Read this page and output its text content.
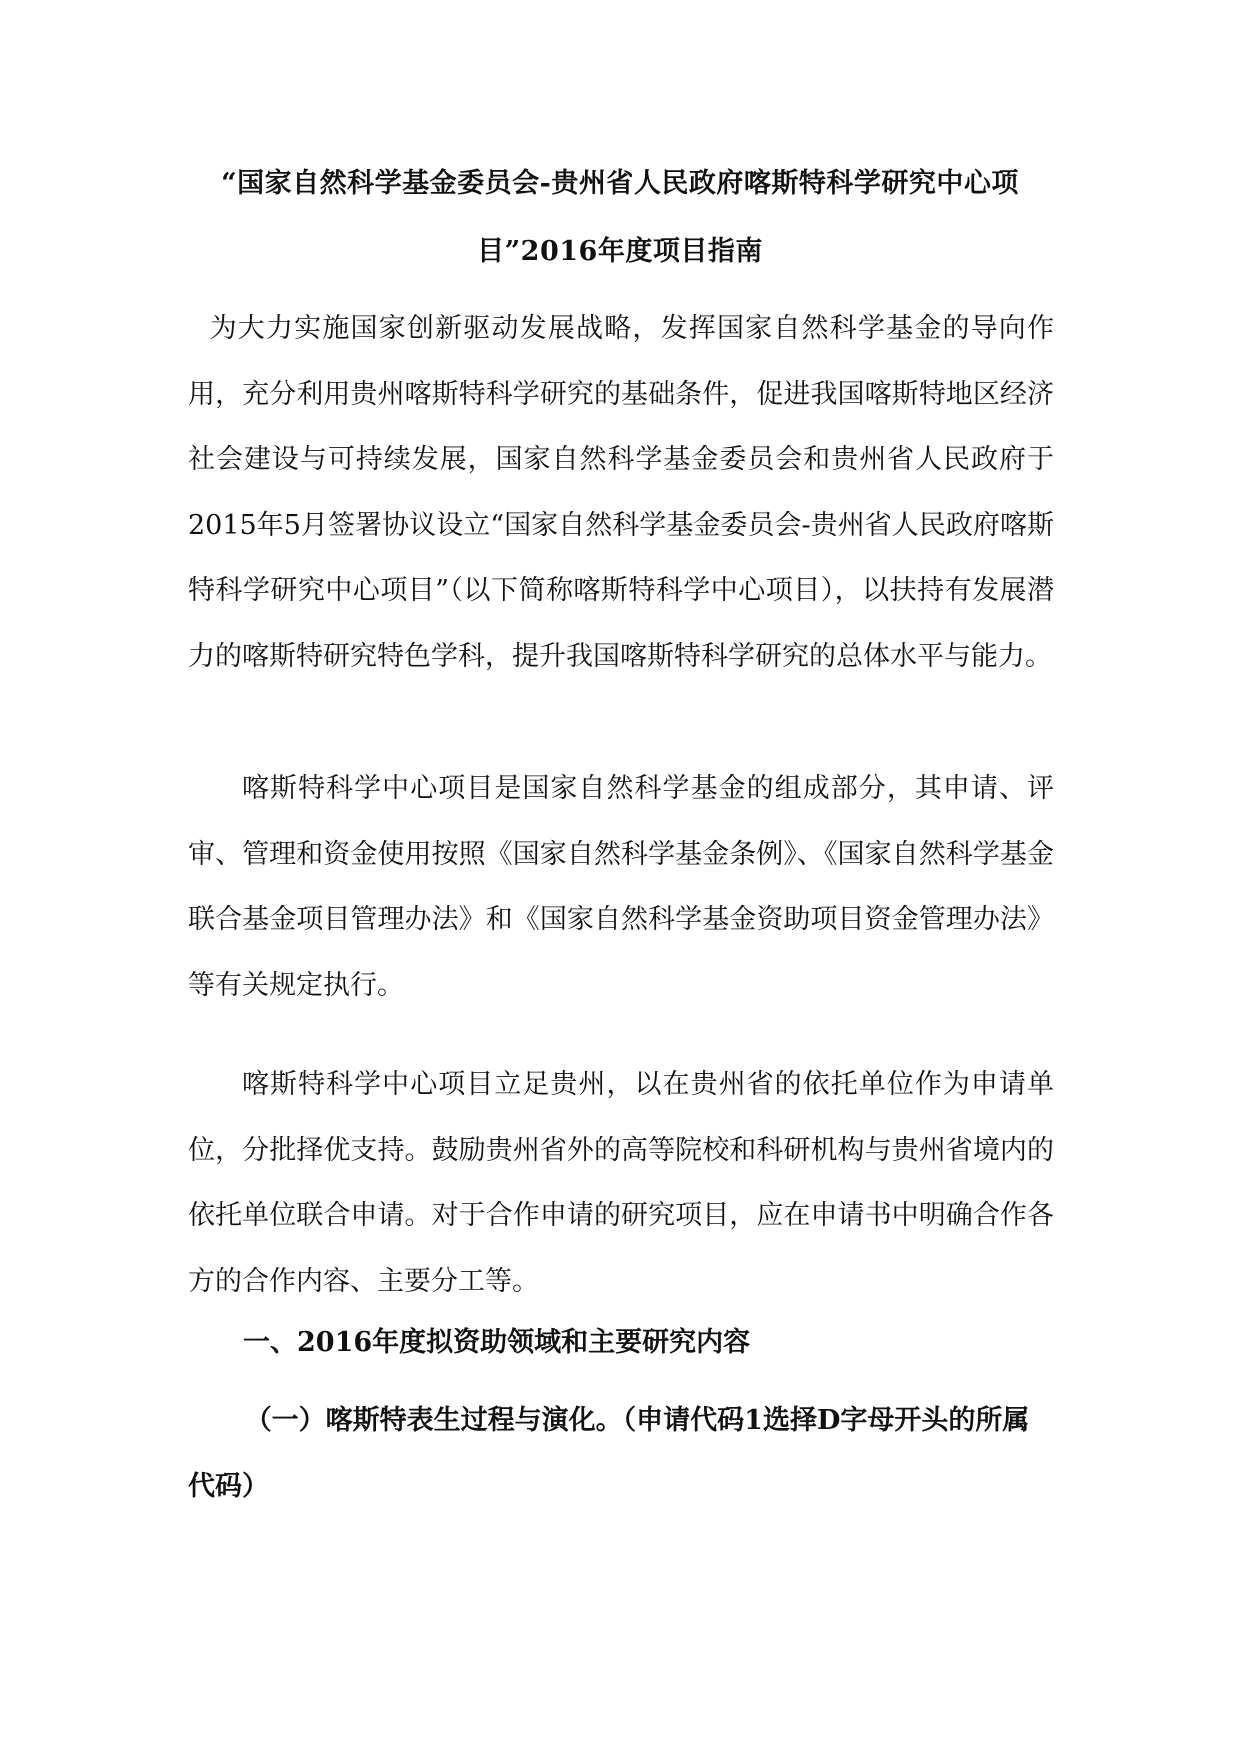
“国家自然科学基金委员会-贵州省人民政府喀斯特科学研究中心项
目”2016年度项目指南

为大力实施国家创新驱动发展战略，发挥国家自然科学基金的导向作用，充分利用贵州喀斯特科学研究的基础条件，促进我国喀斯特地区经济社会建设与可持续发展，国家自然科学基金委员会和贵州省人民政府于2015年5月签署协议设立“国家自然科学基金委员会-贵州省人民政府喀斯特科学研究中心项目”（以下简称喀斯特科学中心项目），以扶持有发展潜力的喀斯特研究特色学科，提升我国喀斯特科学研究的总体水平与能力。

喀斯特科学中心项目是国家自然科学基金的组成部分，其申请、评审、管理和资金使用按照《国家自然科学基金条例》、《国家自然科学基金联合基金项目管理办法》和《国家自然科学基金资助项目资金管理办法》等有关规定执行。

喀斯特科学中心项目立足贵州，以在贵州省的依托单位作为申请单位，分批择优支持。鼓励贵州省外的高等院校和科研机构与贵州省境内的依托单位联合申请。对于合作申请的研究项目，应在申请书中明确合作各方的合作内容、主要分工等。

一、2016年度拟资助领域和主要研究内容

（一）喀斯特表生过程与演化。（申请代码1选择D字母开头的所属代码）
